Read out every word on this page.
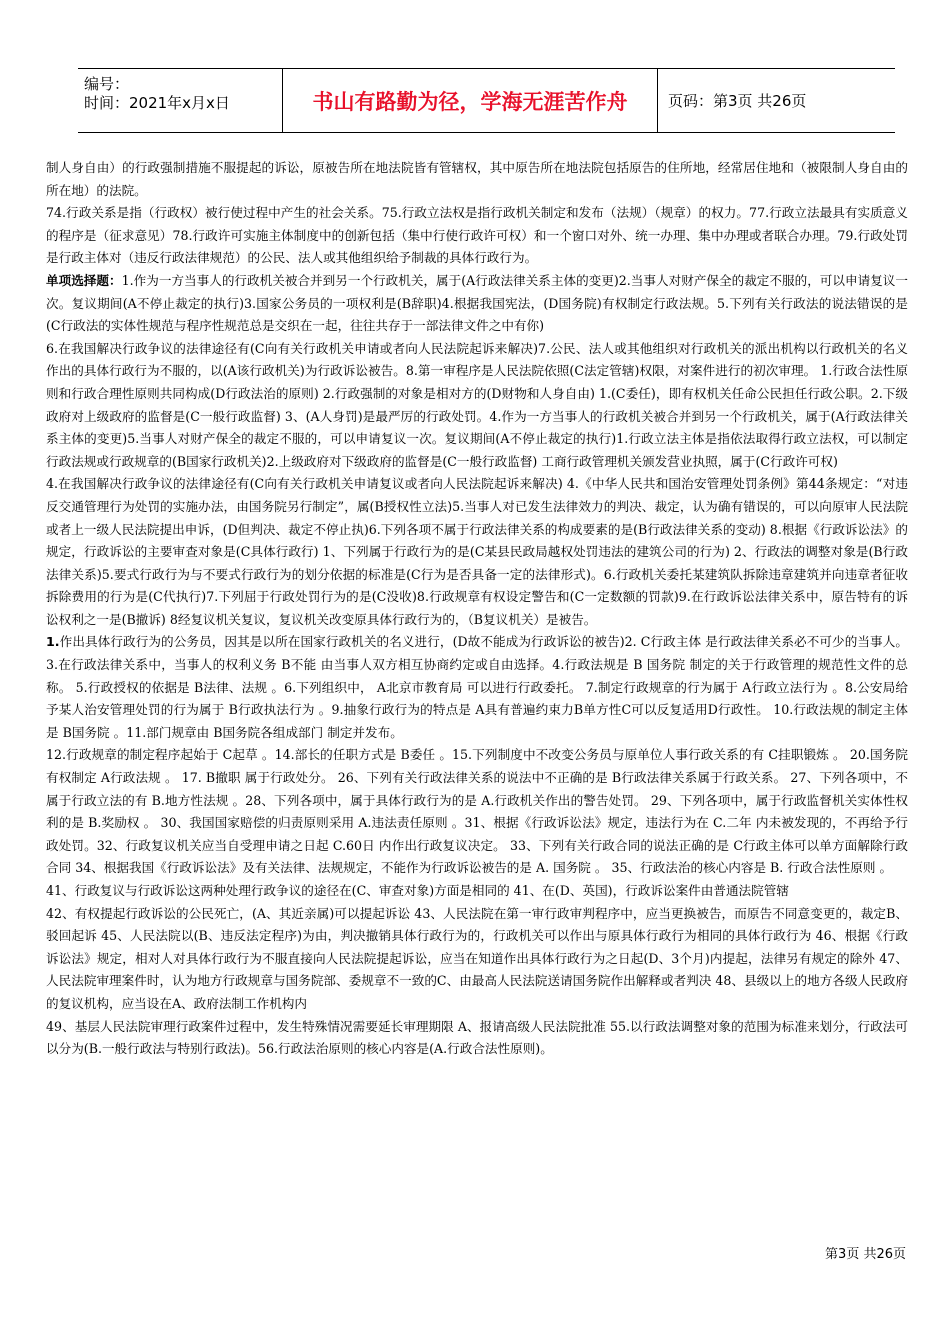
编号：
时间：2021年x月x日	书山有路勤为径，学海无涯苦作舟	页码：第3页 共26页

制人身自由）的行政强制措施不服提起的诉讼，原被告所在地法院皆有管辖权，其中原告所在地法院包括原告的住所地，经常居住地和（被限制人身自由的所在地）的法院。

74.行政关系是指（行政权）被行使过程中产生的社会关系。75.行政立法权是指行政机关制定和发布（法规）（规章）的权力。77.行政立法最具有实质意义的程序是（征求意见）78.行政许可实施主体制度中的创新包括（集中行使行政许可权）和一个窗口对外、统一办理、集中办理或者联合办理。79.行政处罚是行政主体对（违反行政法律规范）的公民、法人或其他组织给予制裁的具体行政行为。

单项选择题：1.作为一方当事人的行政机关被合并到另一个行政机关，属于(A行政法律关系主体的变更)2.当事人对财产保全的裁定不服的，可以申请复议一次。复议期间(A不停止裁定的执行)3.国家公务员的一项权利是(B辞职)4.根据我国宪法，(D国务院)有权制定行政法规。5.下列有关行政法的说法错误的是(C行政法的实体性规范与程序性规范总是交织在一起，往往共存于一部法律文件之中有你)

6.在我国解决行政争议的法律途径有(C向有关行政机关申请或者向人民法院起诉来解决)7.公民、法人或其他组织对行政机关的派出机构以行政机关的名义作出的具体行政行为不服的，以(A该行政机关)为行政诉讼被告。8.第一审程序是人民法院依照(C法定管辖)权限，对案件进行的初次审理。 1.行政合法性原则和行政合理性原则共同构成(D行政法治的原则) 2.行政强制的对象是相对方的(D财物和人身自由) 1.(C委任)，即有权机关任命公民担任行政公职。2.下级政府对上级政府的监督是(C一般行政监督) 3、(A人身罚)是最严厉的行政处罚。4.作为一方当事人的行政机关被合并到另一个行政机关，属于(A行政法律关系主体的变更)5.当事人对财产保全的裁定不服的，可以申请复议一次。复议期间(A不停止裁定的执行)1.行政立法主体是指依法取得行政立法权，可以制定行政法规或行政规章的(B国家行政机关)2.上级政府对下级政府的监督是(C一般行政监督) 工商行政管理机关颁发营业执照，属于(C行政许可权)

4.在我国解决行政争议的法律途径有(C向有关行政机关申请复议或者向人民法院起诉来解决) 4.《中华人民共和国治安管理处罚条例》第44条规定：“对违反交通管理行为处罚的实施办法，由国务院另行制定”，属(B授权性立法)5.当事人对已发生法律效力的判决、裁定，认为确有错误的，可以向原审人民法院或者上一级人民法院提出申诉，(D但判决、裁定不停止执)6.下列各项不属于行政法律关系的构成要素的是(B行政法律关系的变动) 8.根据《行政诉讼法》的规定，行政诉讼的主要审查对象是(C具体行政行) 1、下列属于行政行为的是(C某县民政局越权处罚违法的建筑公司的行为) 2、行政法的调整对象是(B行政法律关系)5.要式行政行为与不要式行政行为的划分依据的标准是(C行为是否具备一定的法律形式)。6.行政机关委托某建筑队拆除违章建筑并向违章者征收拆除费用的行为是(C代执行)7.下列屈于行政处罚行为的是(C没收)8.行政规章有权设定警告和(C一定数额的罚款)9.在行政诉讼法律关系中，原告特有的诉讼权利之一是(B撤诉) 8经复议机关复议，复议机关改变原具体行政行为的，（B复议机关）是被告。

1.作出具体行政行为的公务员，因其是以所在国家行政机关的名义进行，(D故不能成为行政诉讼的被告)2. C行政主体 是行政法律关系必不可少的当事人。3.在行政法律关系中，当事人的权利义务 B不能 由当事人双方相互协商约定或自由选择。4.行政法规是 B 国务院 制定的关于行政管理的规范性文件的总称。 5.行政授权的依据是 B法律、法规 。6.下列组织中， A北京市教育局 可以进行行政委托。 7.制定行政规章的行为属于 A行政立法行为 。8.公安局给予某人治安管理处罚的行为属于 B行政执法行为 。9.抽象行政行为的特点是 A具有普遍约束力B单方性C可以反复适用D行政性。 10.行政法规的制定主体是 B国务院 。11.部门规章由 B国务院各组成部门 制定并发布。

12.行政规章的制定程序起始于 C起草 。14.部长的任职方式是 B委任 。15.下列制度中不改变公务员与原单位人事行政关系的有 C挂职锻炼 。 20.国务院有权制定 A行政法规 。 17. B撤职 属于行政处分。 26、下列有关行政法律关系的说法中不正确的是 B行政法律关系属于行政关系。 27、下列各项中，不属于行政立法的有 B.地方性法规 。28、下列各项中，属于具体行政行为的是 A.行政机关作出的警告处罚。 29、下列各项中，属于行政监督机关实体性权利的是 B.奖励权 。 30、我国国家赔偿的归责原则采用 A.违法责任原则 。31、根据《行政诉讼法》规定，违法行为在 C.二年 内未被发现的，不再给予行政处罚。32、行政复议机关应当自受理申请之日起 C.60日 内作出行政复议决定。 33、下列有关行政合同的说法正确的是 C行政主体可以单方面解除行政合同 34、根据我国《行政诉讼法》及有关法律、法规规定，不能作为行政诉讼被告的是 A. 国务院 。 35、行政法治的核心内容是 B. 行政合法性原则 。

41、行政复议与行政诉讼这两种处理行政争议的途径在(C、审查对象)方面是相同的 41、在(D、英国)，行政诉讼案件由普通法院管辖

42、有权提起行政诉讼的公民死亡，(A、其近亲属)可以提起诉讼 43、人民法院在第一审行政审判程序中，应当更换被告，而原告不同意变更的，裁定B、驳回起诉 45、人民法院以(B、违反法定程序)为由，判决撤销具体行政行为的，行政机关可以作出与原具体行政行为相同的具体行政行为 46、根据《行政诉讼法》规定，相对人对具体行政行为不服直接向人民法院提起诉讼，应当在知道作出具体行政行为之日起(D、3个月)内提起，法律另有规定的除外 47、人民法院审理案件时，认为地方行政规章与国务院部、委规章不一致的C、由最高人民法院送请国务院作出解释或者判决 48、县级以上的地方各级人民政府的复议机构，应当设在A、政府法制工作机构内

49、基层人民法院审理行政案件过程中，发生特殊情况需要延长审理期限 A、报请高级人民法院批准 55.以行政法调整对象的范围为标准来划分，行政法可以分为(B.一般行政法与特别行政法)。56.行政法治原则的核心内容是(A.行政合法性原则)。

第3页 共26页
